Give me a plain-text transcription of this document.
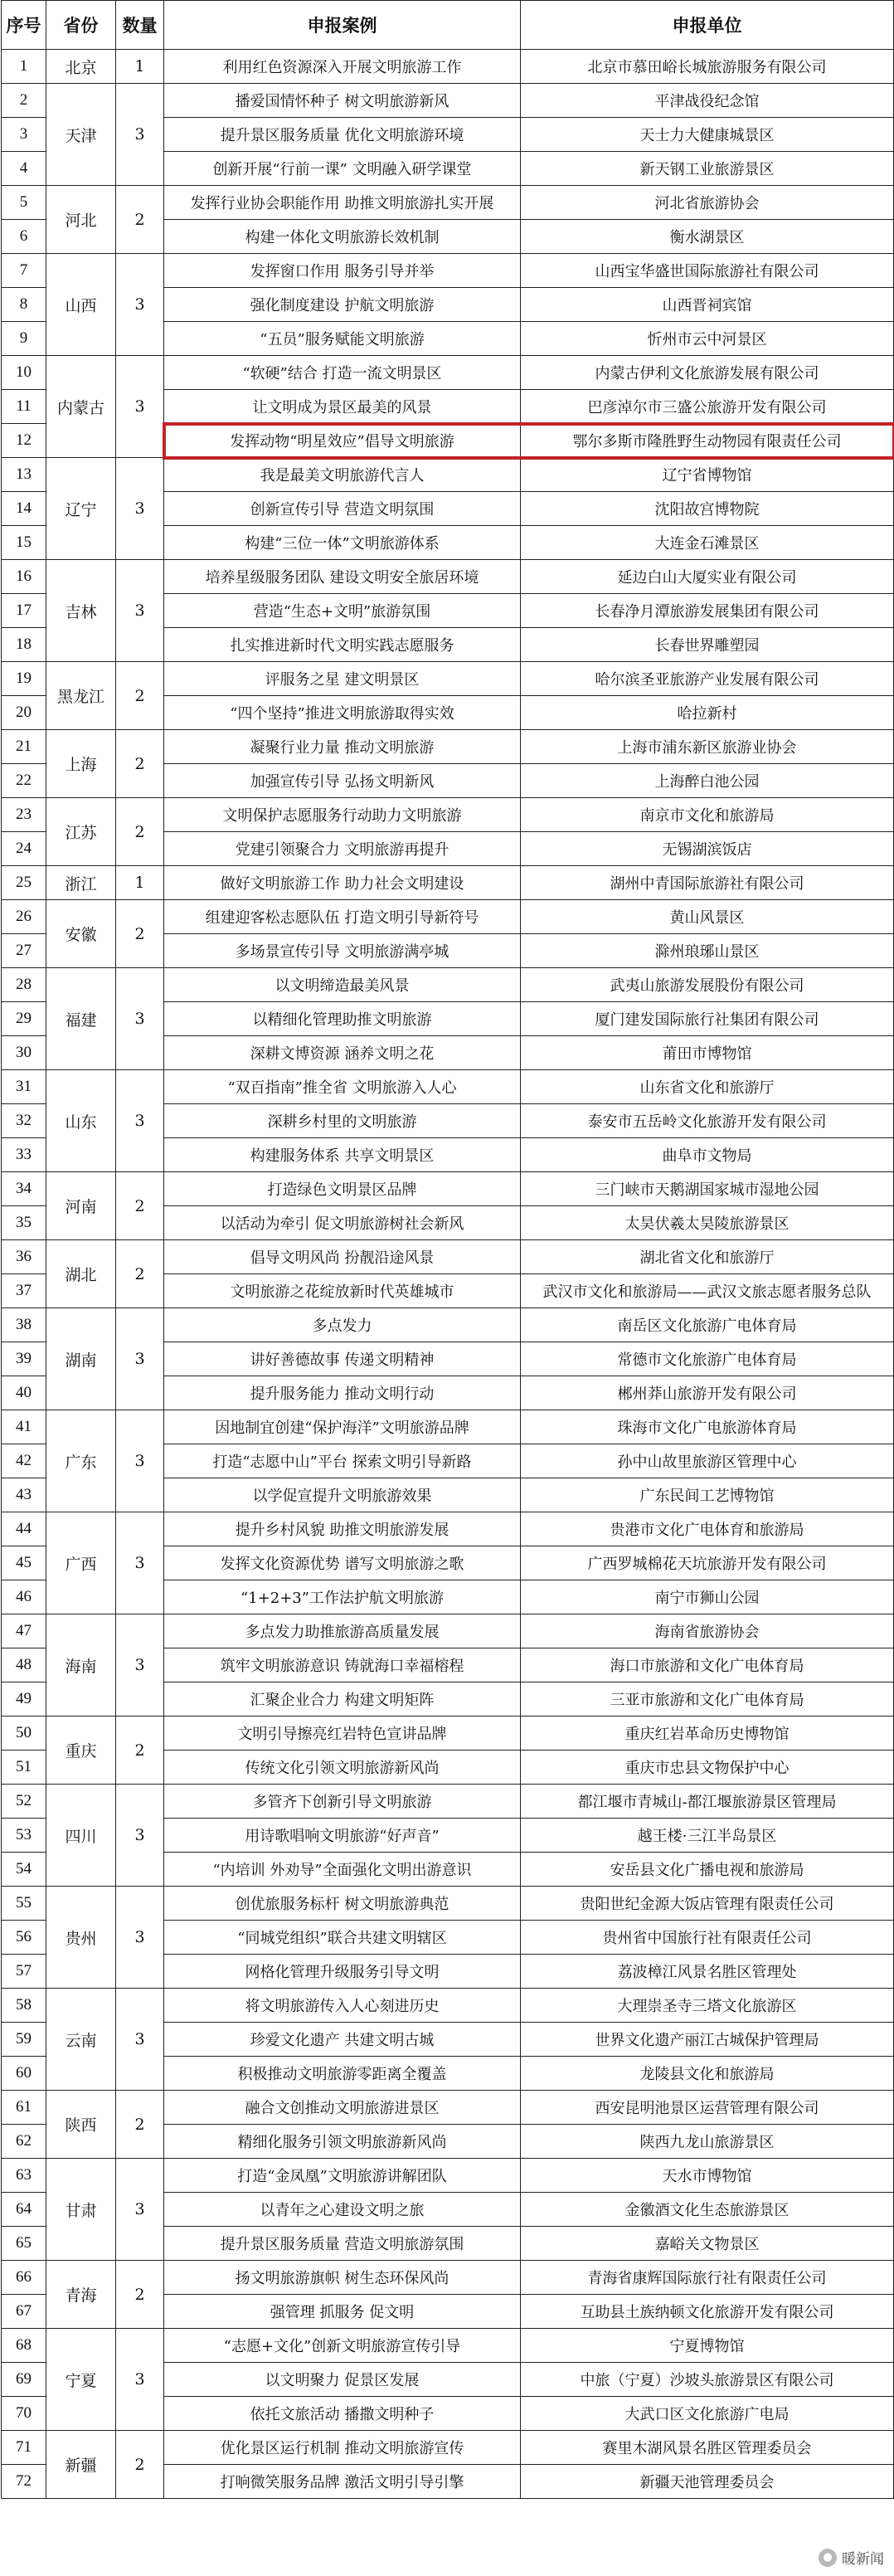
序号	省份	数量	申报案例	申报单位
1	北京	1	利用红色资源深入开展文明旅游工作	北京市慕田峪长城旅游服务有限公司
2	天津	3	播爱国情怀种子 树文明旅游新风	平津战役纪念馆
3			提升景区服务质量 优化文明旅游环境	天士力大健康城景区
4			创新开展“行前一课” 文明融入研学课堂	新天钢工业旅游景区
5	河北	2	发挥行业协会职能作用 助推文明旅游扎实开展	河北省旅游协会
6			构建一体化文明旅游长效机制	衡水湖景区
7	山西	3	发挥窗口作用 服务引导并举	山西宝华盛世国际旅游社有限公司
8			强化制度建设 护航文明旅游	山西晋祠宾馆
9			“五员”服务赋能文明旅游	忻州市云中河景区
10	内蒙古	3	“软硬”结合 打造一流文明景区	内蒙古伊利文化旅游发展有限公司
11			让文明成为景区最美的风景	巴彦淖尔市三盛公旅游开发有限公司
12			发挥动物“明星效应”倡导文明旅游	鄂尔多斯市隆胜野生动物园有限责任公司
13	辽宁	3	我是最美文明旅游代言人	辽宁省博物馆
14			创新宣传引导 营造文明氛围	沈阳故宫博物院
15			构建“三位一体”文明旅游体系	大连金石滩景区
16	吉林	3	培养星级服务团队 建设文明安全旅居环境	延边白山大厦实业有限公司
17			营造“生态+文明”旅游氛围	长春净月潭旅游发展集团有限公司
18			扎实推进新时代文明实践志愿服务	长春世界雕塑园
19	黑龙江	2	评服务之星 建文明景区	哈尔滨圣亚旅游产业发展有限公司
20			“四个坚持”推进文明旅游取得实效	哈拉新村
21	上海	2	凝聚行业力量 推动文明旅游	上海市浦东新区旅游业协会
22			加强宣传引导 弘扬文明新风	上海醉白池公园
23	江苏	2	文明保护志愿服务行动助力文明旅游	南京市文化和旅游局
24			党建引领聚合力 文明旅游再提升	无锡湖滨饭店
25	浙江	1	做好文明旅游工作 助力社会文明建设	湖州中青国际旅游社有限公司
26	安徽	2	组建迎客松志愿队伍 打造文明引导新符号	黄山风景区
27			多场景宣传引导 文明旅游满亭城	滁州琅琊山景区
28	福建	3	以文明缔造最美风景	武夷山旅游发展股份有限公司
29			以精细化管理助推文明旅游	厦门建发国际旅行社集团有限公司
30			深耕文博资源 涵养文明之花	莆田市博物馆
31	山东	3	“双百指南”推全省 文明旅游入人心	山东省文化和旅游厅
32			深耕乡村里的文明旅游	泰安市五岳岭文化旅游开发有限公司
33			构建服务体系 共享文明景区	曲阜市文物局
34	河南	2	打造绿色文明景区品牌	三门峡市天鹅湖国家城市湿地公园
35			以活动为牵引 促文明旅游树社会新风	太昊伏羲太昊陵旅游景区
36	湖北	2	倡导文明风尚 扮靓沿途风景	湖北省文化和旅游厅
37			文明旅游之花绽放新时代英雄城市	武汉市文化和旅游局——武汉文旅志愿者服务总队
38	湖南	3	多点发力	南岳区文化旅游广电体育局
39			讲好善德故事 传递文明精神	常德市文化旅游广电体育局
40			提升服务能力 推动文明行动	郴州莽山旅游开发有限公司
41	广东	3	因地制宜创建“保护海洋”文明旅游品牌	珠海市文化广电旅游体育局
42			打造“志愿中山”平台 探索文明引导新路	孙中山故里旅游区管理中心
43			以学促宣提升文明旅游效果	广东民间工艺博物馆
44	广西	3	提升乡村风貌 助推文明旅游发展	贵港市文化广电体育和旅游局
45			发挥文化资源优势 谱写文明旅游之歌	广西罗城棉花天坑旅游开发有限公司
46			“1+2+3”工作法护航文明旅游	南宁市狮山公园
47	海南	3	多点发力助推旅游高质量发展	海南省旅游协会
48			筑牢文明旅游意识 铸就海口幸福榕程	海口市旅游和文化广电体育局
49			汇聚企业合力 构建文明矩阵	三亚市旅游和文化广电体育局
50	重庆	2	文明引导擦亮红岩特色宣讲品牌	重庆红岩革命历史博物馆
51			传统文化引领文明旅游新风尚	重庆市忠县文物保护中心
52	四川	3	多管齐下创新引导文明旅游	都江堰市青城山-都江堰旅游景区管理局
53			用诗歌唱响文明旅游“好声音”	越王楼·三江半岛景区
54			“内培训 外劝导”全面强化文明出游意识	安岳县文化广播电视和旅游局
55	贵州	3	创优旅服务标杆 树文明旅游典范	贵阳世纪金源大饭店管理有限责任公司
56			“同城党组织”联合共建文明辖区	贵州省中国旅行社有限责任公司
57			网格化管理升级服务引导文明	荔波樟江风景名胜区管理处
58	云南	3	将文明旅游传入人心刻进历史	大理崇圣寺三塔文化旅游区
59			珍爱文化遗产 共建文明古城	世界文化遗产丽江古城保护管理局
60			积极推动文明旅游零距离全覆盖	龙陵县文化和旅游局
61	陕西	2	融合文创推动文明旅游进景区	西安昆明池景区运营管理有限公司
62			精细化服务引领文明旅游新风尚	陕西九龙山旅游景区
63	甘肃	3	打造“金凤凰”文明旅游讲解团队	天水市博物馆
64			以青年之心建设文明之旅	金徽酒文化生态旅游景区
65			提升景区服务质量 营造文明旅游氛围	嘉峪关文物景区
66	青海	2	扬文明旅游旗帜 树生态环保风尚	青海省康辉国际旅行社有限责任公司
67			强管理 抓服务 促文明	互助县土族纳顿文化旅游开发有限公司
68	宁夏	3	“志愿+文化”创新文明旅游宣传引导	宁夏博物馆
69			以文明聚力 促景区发展	中旅（宁夏）沙坡头旅游景区有限公司
70			依托文旅活动 播撒文明种子	大武口区文化旅游广电局
71	新疆	2	优化景区运行机制 推动文明旅游宣传	赛里木湖风景名胜区管理委员会
72			打响微笑服务品牌 激活文明引导引擎	新疆天池管理委员会
● 暖新闻
